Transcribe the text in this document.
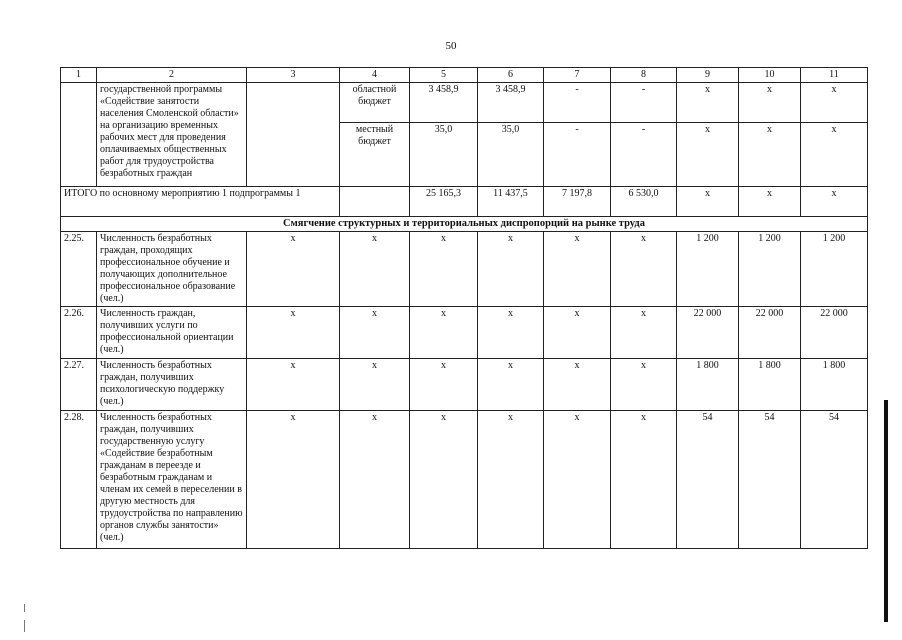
50
1	2	3	4	5	6	7	8	9	10	11
	государственной программы «Содействие занятости населения Смоленской области» на организацию временных рабочих мест для проведения оплачиваемых общественных работ для трудоустройства безработных граждан		областной бюджет	3 458,9	3 458,9	-	-	х	х	х
			местный бюджет	35,0	35,0	-	-	х	х	х
ИТОГО по основному мероприятию 1 подпрограммы 1				25 165,3	11 437,5	7 197,8	6 530,0	х	х	х
Смягчение структурных и территориальных диспропорций на рынке труда										
2.25.	Численность безработных граждан, проходящих профессиональное обучение и получающих дополнительное профессиональное образование (чел.)	х	х	х	х	х	х	1 200	1 200	1 200
2.26.	Численность граждан, получивших услуги по профессиональной ориентации (чел.)	х	х	х	х	х	х	22 000	22 000	22 000
2.27.	Численность безработных граждан, получивших психологическую поддержку (чел.)	х	х	х	х	х	х	1 800	1 800	1 800
2.28.	Численность безработных граждан, получивших государственную услугу «Содействие безработным гражданам в переезде и безработным гражданам и членам их семей в переселении в другую местность для трудоустройства по направлению органов службы занятости» (чел.)	х	х	х	х	х	х	54	54	54
